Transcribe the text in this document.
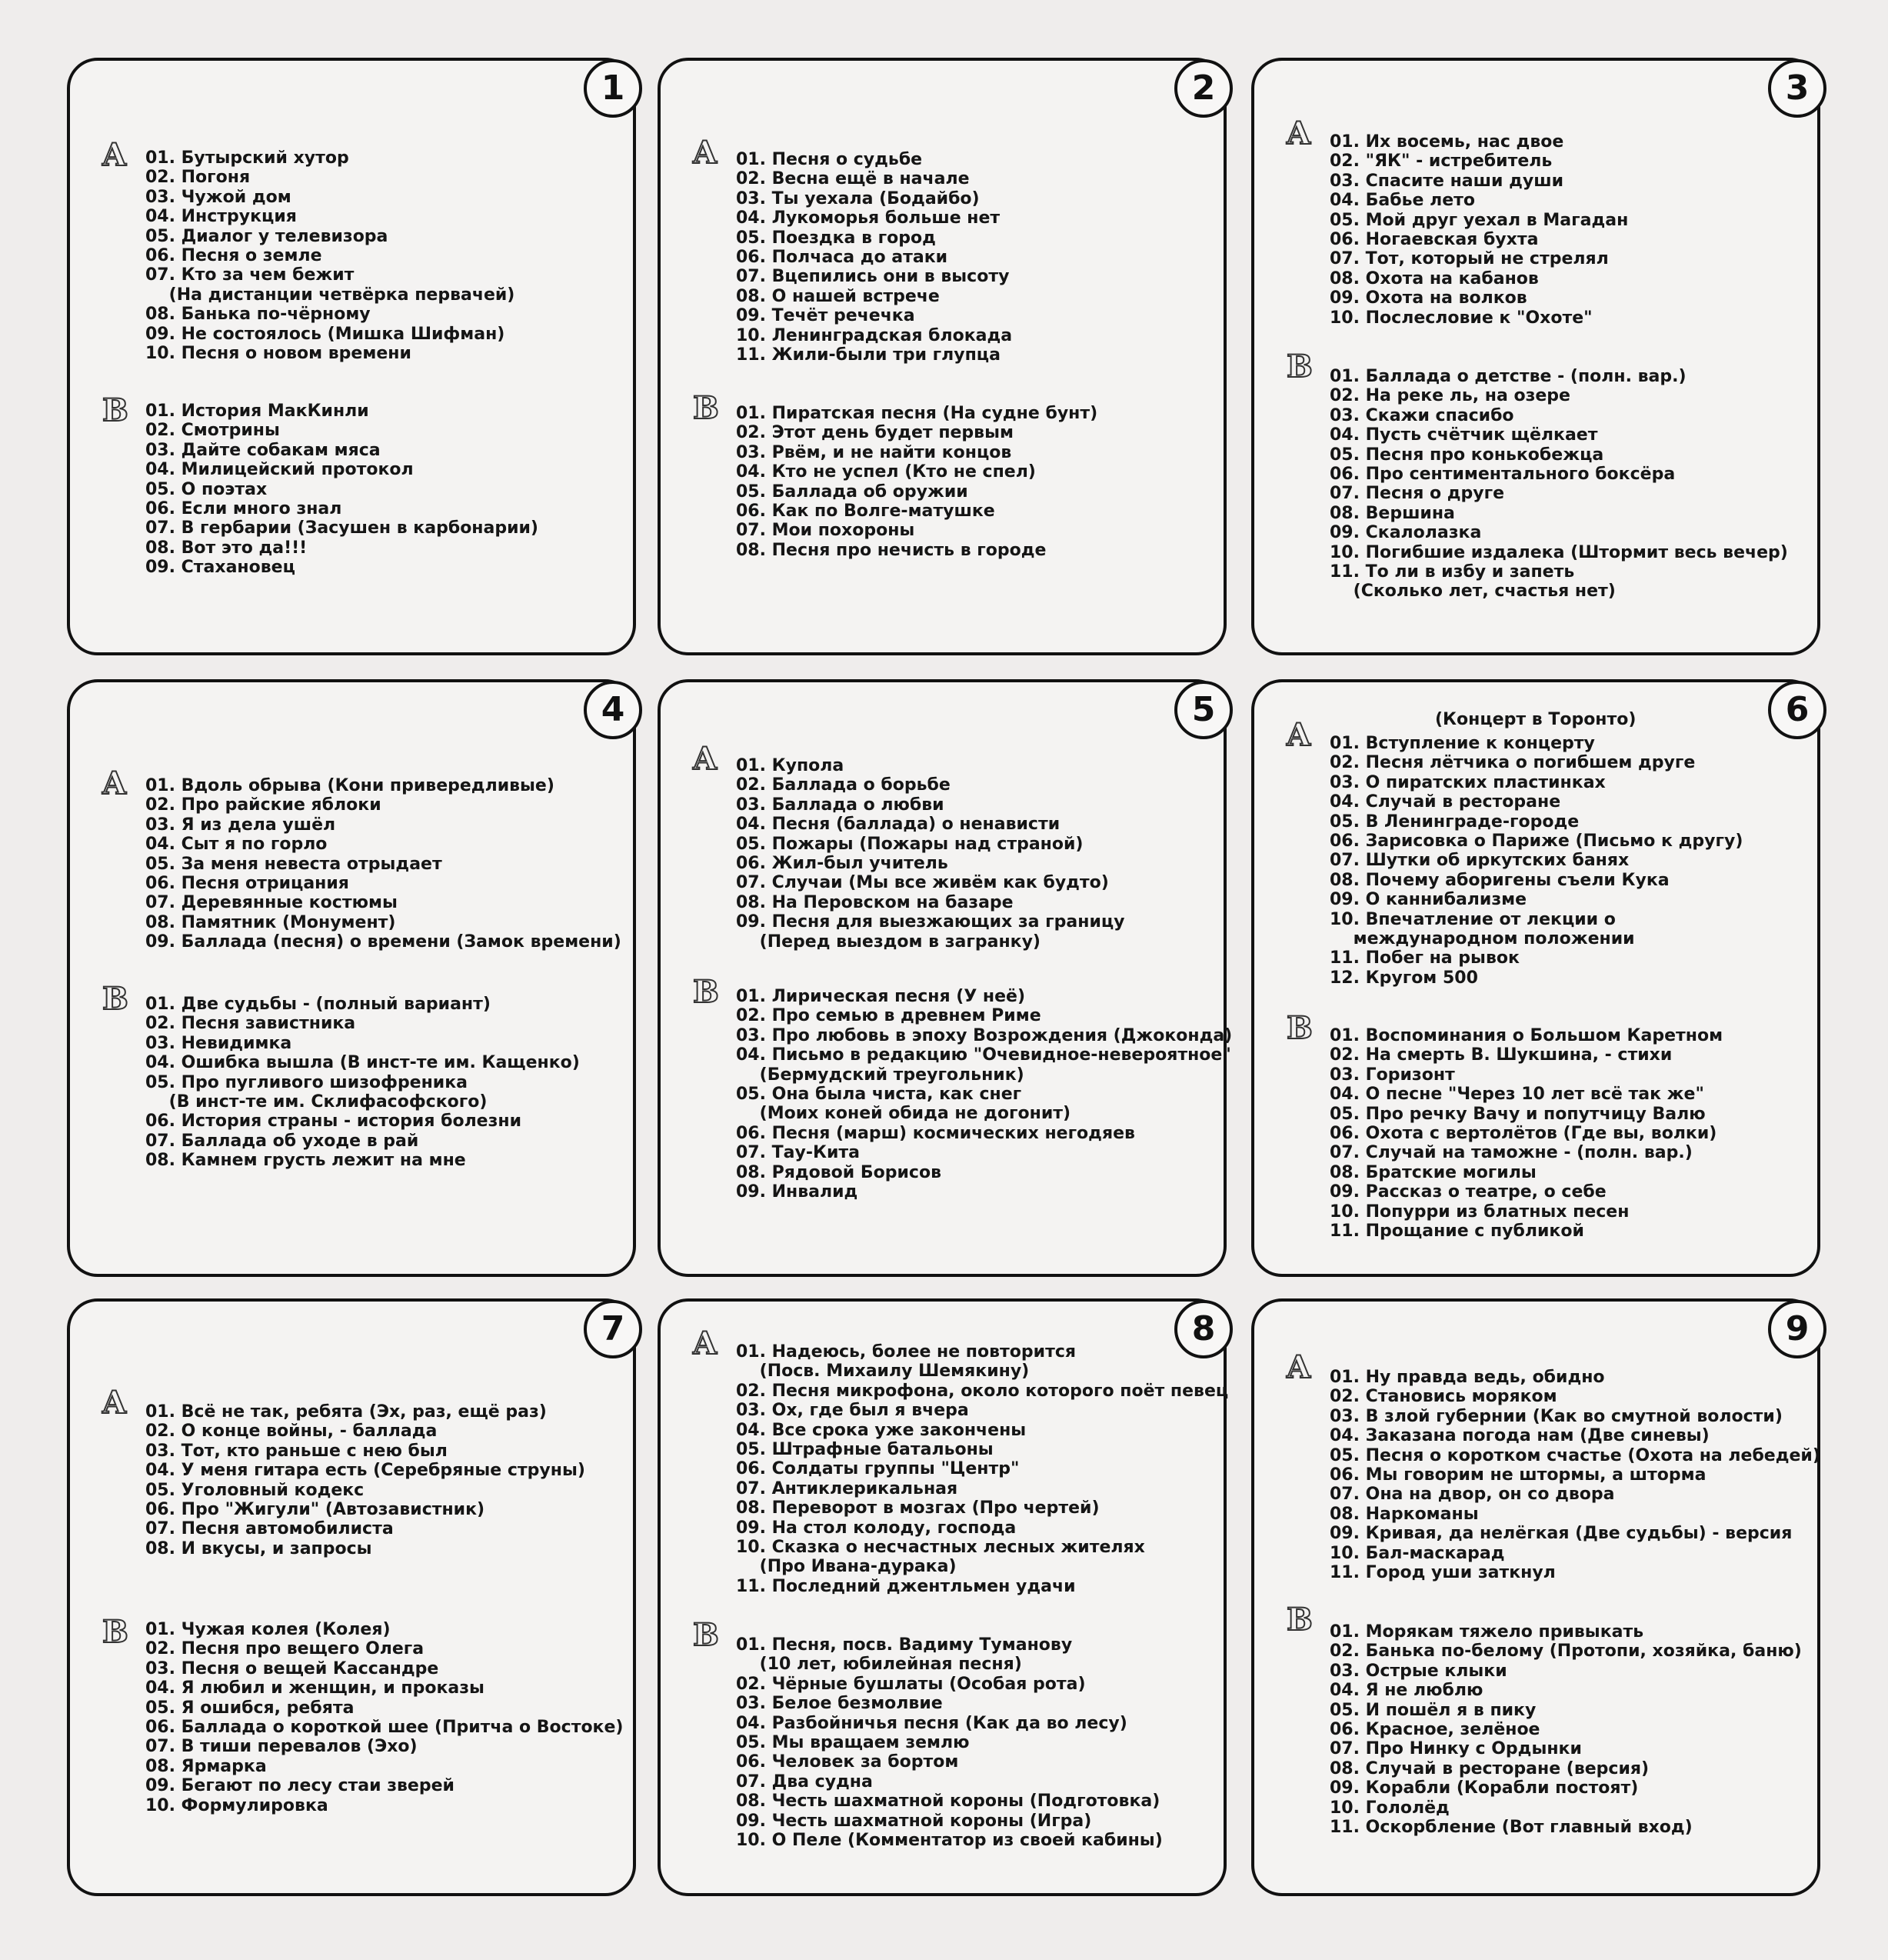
1
A
B
01. Бутырский хутор
02. Погоня
03. Чужой дом
04. Инструкция
05. Диалог у телевизора
06. Песня о земле
07. Кто за чем бежит
(На дистанции четвёрка первачей)
08. Банька по-чёрному
09. Не состоялось (Мишка Шифман)
10. Песня о новом времени
01. История МакКинли
02. Смотрины
03. Дайте собакам мяса
04. Милицейский протокол
05. О поэтах
06. Если много знал
07. В гербарии (Засушен в карбонарии)
08. Вот это да!!!
09. Стахановец
2
A
B
01. Песня о судьбе
02. Весна ещё в начале
03. Ты уехала (Бодайбо)
04. Лукоморья больше нет
05. Поездка в город
06. Полчаса до атаки
07. Вцепились они в высоту
08. О нашей встрече
09. Течёт речечка
10. Ленинградская блокада
11. Жили-были три глупца
01. Пиратская песня (На судне бунт)
02. Этот день будет первым
03. Рвём, и не найти концов
04. Кто не успел (Кто не спел)
05. Баллада об оружии
06. Как по Волге-матушке
07. Мои похороны
08. Песня про нечисть в городе
3
A
B
01. Их восемь, нас двое
02. "ЯК" - истребитель
03. Спасите наши души
04. Бабье лето
05. Мой друг уехал в Магадан
06. Ногаевская бухта
07. Тот, который не стрелял
08. Охота на кабанов
09. Охота на волков
10. Послесловие к "Охоте"
01. Баллада о детстве - (полн. вар.)
02. На реке ль, на озере
03. Скажи спасибо
04. Пусть счётчик щёлкает
05. Песня про конькобежца
06. Про сентиментального боксёра
07. Песня о друге
08. Вершина
09. Скалолазка
10. Погибшие издалека (Штормит весь вечер)
11. То ли в избу и запеть
(Сколько лет, счастья нет)
4
A
B
01. Вдоль обрыва (Кони привередливые)
02. Про райские яблоки
03. Я из дела ушёл
04. Сыт я по горло
05. За меня невеста отрыдает
06. Песня отрицания
07. Деревянные костюмы
08. Памятник (Монумент)
09. Баллада (песня) о времени (Замок времени)
01. Две судьбы - (полный вариант)
02. Песня завистника
03. Невидимка
04. Ошибка вышла (В инст-те им. Кащенко)
05. Про пугливого шизофреника
(В инст-те им. Склифасофского)
06. История страны - история болезни
07. Баллада об уходе в рай
08. Камнем грусть лежит на мне
5
A
B
01. Купола
02. Баллада о борьбе
03. Баллада о любви
04. Песня (баллада) о ненависти
05. Пожары (Пожары над страной)
06. Жил-был учитель
07. Случаи (Мы все живём как будто)
08. На Перовском на базаре
09. Песня для выезжающих за границу
(Перед выездом в загранку)
01. Лирическая песня (У неё)
02. Про семью в древнем Риме
03. Про любовь в эпоху Возрождения (Джоконда)
04. Письмо в редакцию "Очевидное-невероятное"
(Бермудский треугольник)
05. Она была чиста, как снег
(Моих коней обида не догонит)
06. Песня (марш) космических негодяев
07. Тау-Кита
08. Рядовой Борисов
09. Инвалид
6
(Концерт в Торонто)
A
B
01. Вступление к концерту
02. Песня лётчика о погибшем друге
03. О пиратских пластинках
04. Случай в ресторане
05. В Ленинграде-городе
06. Зарисовка о Париже (Письмо к другу)
07. Шутки об иркутских банях
08. Почему аборигены съели Кука
09. О каннибализме
10. Впечатление от лекции о
международном положении
11. Побег на рывок
12. Кругом 500
01. Воспоминания о Большом Каретном
02. На смерть В. Шукшина, - стихи
03. Горизонт
04. О песне "Через 10 лет всё так же"
05. Про речку Вачу и попутчицу Валю
06. Охота с вертолётов (Где вы, волки)
07. Случай на таможне - (полн. вар.)
08. Братские могилы
09. Рассказ о театре, о себе
10. Попурри из блатных песен
11. Прощание с публикой
7
A
B
01. Всё не так, ребята (Эх, раз, ещё раз)
02. О конце войны, - баллада
03. Тот, кто раньше с нею был
04. У меня гитара есть (Серебряные струны)
05. Уголовный кодекс
06. Про "Жигули" (Автозавистник)
07. Песня автомобилиста
08. И вкусы, и запросы
01. Чужая колея (Колея)
02. Песня про вещего Олега
03. Песня о вещей Кассандре
04. Я любил и женщин, и проказы
05. Я ошибся, ребята
06. Баллада о короткой шее (Притча о Востоке)
07. В тиши перевалов (Эхо)
08. Ярмарка
09. Бегают по лесу стаи зверей
10. Формулировка
8
A
B
01. Надеюсь, более не повторится
(Посв. Михаилу Шемякину)
02. Песня микрофона, около которого поёт певец
03. Ох, где был я вчера
04. Все срока уже закончены
05. Штрафные батальоны
06. Солдаты группы "Центр"
07. Антиклерикальная
08. Переворот в мозгах (Про чертей)
09. На стол колоду, господа
10. Сказка о несчастных лесных жителях
(Про Ивана-дурака)
11. Последний джентльмен удачи
01. Песня, посв. Вадиму Туманову
(10 лет, юбилейная песня)
02. Чёрные бушлаты (Особая рота)
03. Белое безмолвие
04. Разбойничья песня (Как да во лесу)
05. Мы вращаем землю
06. Человек за бортом
07. Два судна
08. Честь шахматной короны (Подготовка)
09. Честь шахматной короны (Игра)
10. О Пеле (Комментатор из своей кабины)
9
A
B
01. Ну правда ведь, обидно
02. Становись моряком
03. В злой губернии (Как во смутной волости)
04. Заказана погода нам (Две синевы)
05. Песня о коротком счастье (Охота на лебедей)
06. Мы говорим не штормы, а шторма
07. Она на двор, он со двора
08. Наркоманы
09. Кривая, да нелёгкая (Две судьбы) - версия
10. Бал-маскарад
11. Город уши заткнул
01. Морякам тяжело привыкать
02. Банька по-белому (Протопи, хозяйка, баню)
03. Острые клыки
04. Я не люблю
05. И пошёл я в пику
06. Красное, зелёное
07. Про Нинку с Ордынки
08. Случай в ресторане (версия)
09. Корабли (Корабли постоят)
10. Гололёд
11. Оскорбление (Вот главный вход)
